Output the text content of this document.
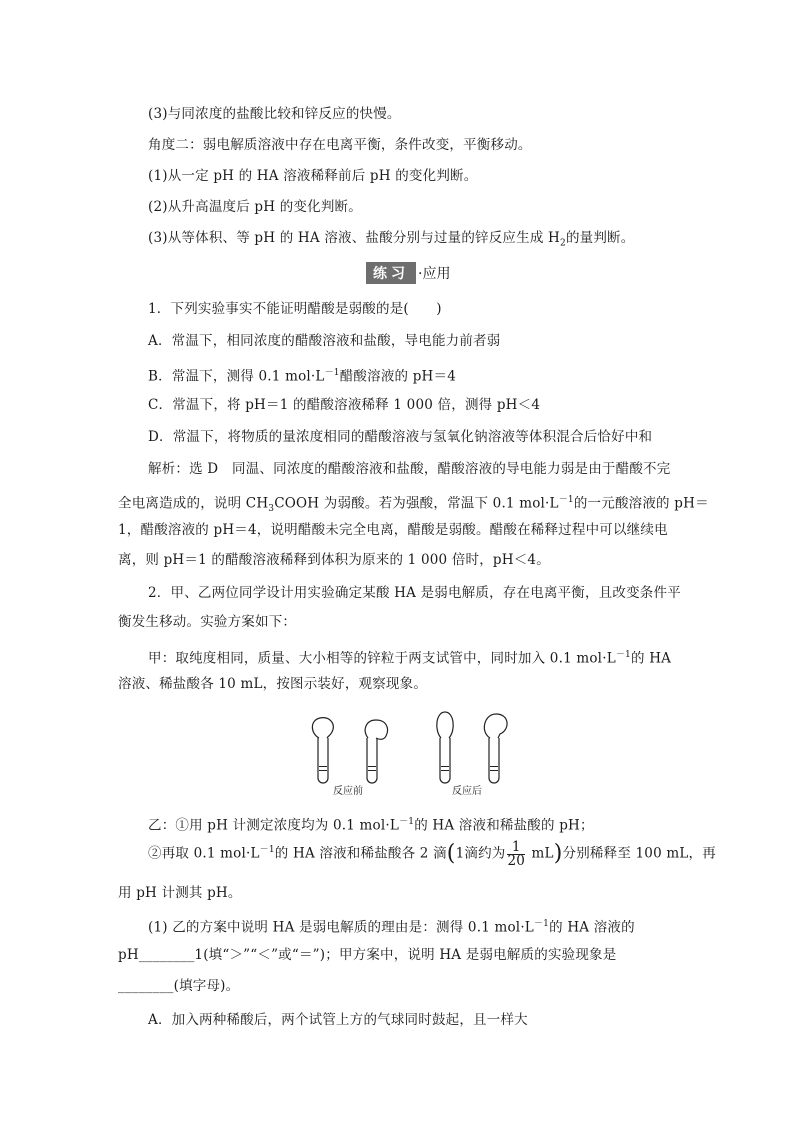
(3)与同浓度的盐酸比较和锌反应的快慢。
角度二：弱电解质溶液中存在电离平衡，条件改变，平衡移动。
(1)从一定 pH 的 HA 溶液稀释前后 pH 的变化判断。
(2)从升高温度后 pH 的变化判断。
(3)从等体积、等 pH 的 HA 溶液、盐酸分别与过量的锌反应生成 $H_2$的量判断。
练习 ·应用
1．下列实验事实不能证明醋酸是弱酸的是(　　)
A．常温下，相同浓度的醋酸溶液和盐酸，导电能力前者弱
B．常温下，测得 0.1 $mol\cdot L^{-1}$醋酸溶液的 pH＝4
C．常温下，将 pH＝1 的醋酸溶液稀释 1 000 倍，测得 pH＜4
D．常温下，将物质的量浓度相同的醋酸溶液与氢氧化钠溶液等体积混合后恰好中和
解析：选 D　同温、同浓度的醋酸溶液和盐酸，醋酸溶液的导电能力弱是由于醋酸不完
全电离造成的，说明 $CH_3COOH$ 为弱酸。若为强酸，常温下 0.1 $mol\cdot L^{-1}$的一元酸溶液的 pH＝
1，醋酸溶液的 pH＝4，说明醋酸未完全电离，醋酸是弱酸。醋酸在稀释过程中可以继续电
离，则 pH＝1 的醋酸溶液稀释到体积为原来的 1 000 倍时，pH＜4。
2．甲、乙两位同学设计用实验确定某酸 HA 是弱电解质，存在电离平衡，且改变条件平
衡发生移动。实验方案如下：
甲：取纯度相同，质量、大小相等的锌粒于两支试管中，同时加入 0.1 $mol\cdot L^{-1}$的 HA
溶液、稀盐酸各 10 mL，按图示装好，观察现象。
反应前	反应后
乙：①用 pH 计测定浓度均为 0.1 $mol\cdot L^{-1}$的 HA 溶液和稀盐酸的 pH；
②再取 0.1 $mol\cdot L^{-1}$的 HA 溶液和稀盐酸各 2 滴(1滴约为 $\frac{1}{20} mL$)分别稀释至 100 mL，再
用 pH 计测其 pH。
(1) 乙的方案中说明 HA 是弱电解质的理由是：测得 0.1 $mol\cdot L^{-1}$的 HA 溶液的
pH________1(填“＞”“＜”或“＝”)；甲方案中，说明 HA 是弱电解质的实验现象是
________(填字母)。
A．加入两种稀酸后，两个试管上方的气球同时鼓起，且一样大
